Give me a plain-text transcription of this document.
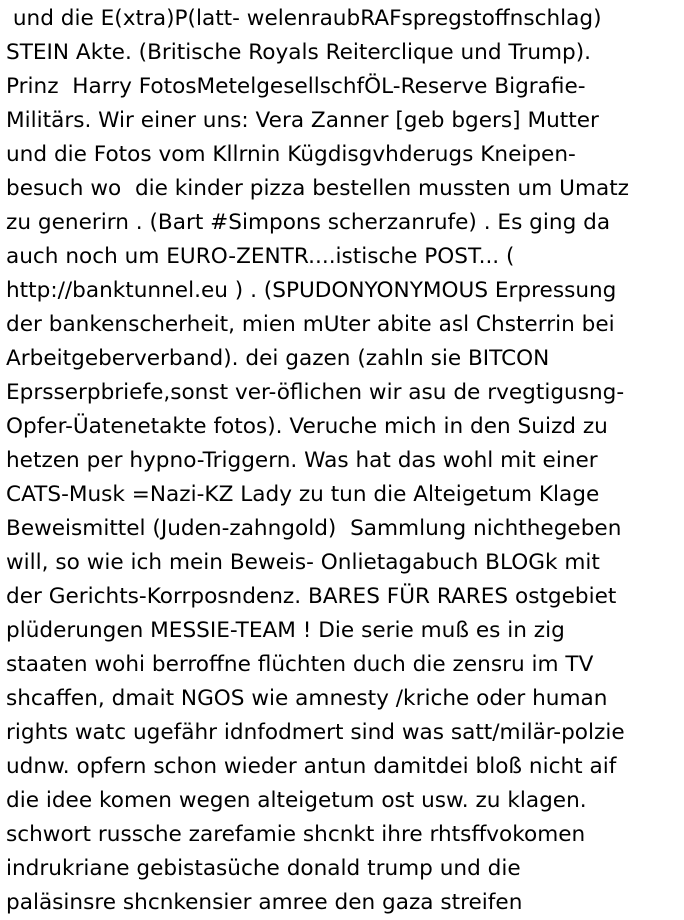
und die E(xtra)P(latt- welenraubRAFspregstoffnschlag)
STEIN Akte. (Britische Royals Reiterclique und Trump).
Prinz  Harry FotosMetelgesellschfÖL-Reserve Bigrafie-
Militärs. Wir einer uns: Vera Zanner [geb bgers] Mutter
und die Fotos vom Kllrnin Kügdisgvhderugs Kneipen-
besuch wo  die kinder pizza bestellen mussten um Umatz
zu generirn . (Bart #Simpons scherzanrufe) . Es ging da
auch noch um EURO-ZENTR....istische POST... (
http://banktunnel.eu ) . (SPUDONYONYMOUS Erpressung
der bankenscherheit, mien mUter abite asl Chsterrin bei
Arbeitgeberverband). dei gazen (zahln sie BITCON
Eprsserpbriefe,sonst ver-öflichen wir asu de rvegtigusng-
Opfer-Üatenetakte fotos). Veruche mich in den Suizd zu
hetzen per hypno-Triggern. Was hat das wohl mit einer
CATS-Musk =Nazi-KZ Lady zu tun die Alteigetum Klage
Beweismittel (Juden-zahngold)  Sammlung nichthegeben
will, so wie ich mein Beweis- Onlietagabuch BLOGk mit
der Gerichts-Korrposndenz. BARES FÜR RARES ostgebiet
plüderungen MESSIE-TEAM ! Die serie muß es in zig
staaten wohi berroffne flüchten duch die zensru im TV
shcaffen, dmait NGOS wie amnesty /kriche oder human
rights watc ugefähr idnfodmert sind was satt/milär-polzie
udnw. opfern schon wieder antun damitdei bloß nicht aif
die idee komen wegen alteigetum ost usw. zu klagen.
schwort russche zarefamie shcnkt ihre rhtsffvokomen
indrukriane gebistasüche donald trump und die
paläsinsre shcnkensier amree den gaza streifen
